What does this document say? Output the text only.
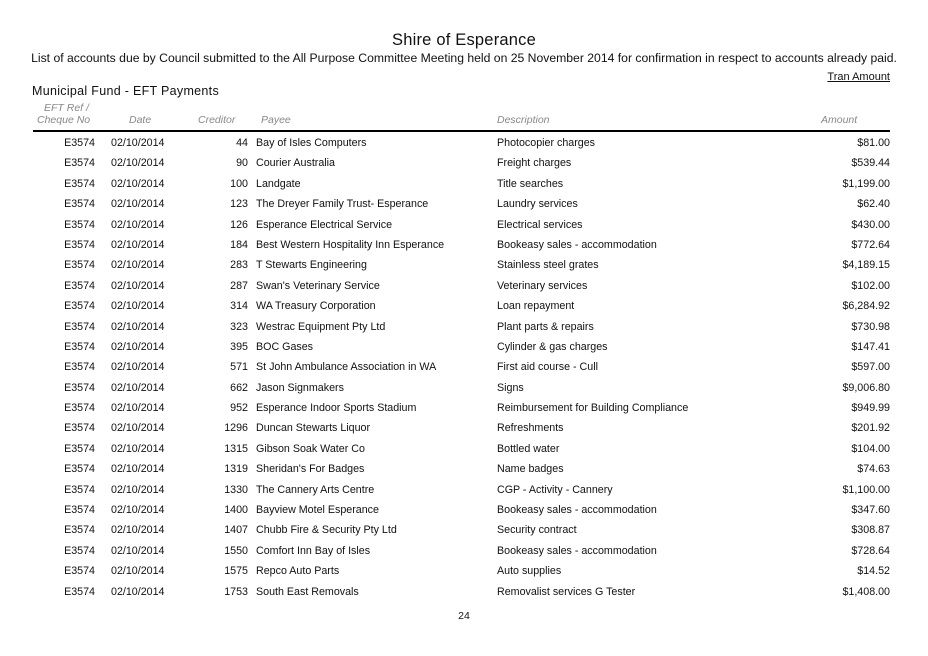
Shire of Esperance
List of accounts due by Council submitted to the All Purpose Committee Meeting held on 25 November 2014 for confirmation in respect to accounts already paid.
Tran Amount
Municipal Fund - EFT Payments
EFT Ref /
Cheque No	Date	Creditor Payee	Description	Amount
E3574 02/10/2014	44 Bay of Isles Computers	Photocopier charges	$81.00
E3574 02/10/2014	90 Courier Australia	Freight charges	$539.44
E3574 02/10/2014	100 Landgate	Title searches	$1,199.00
E3574 02/10/2014	123 The Dreyer Family Trust- Esperance	Laundry services	$62.40
E3574 02/10/2014	126 Esperance Electrical Service	Electrical services	$430.00
E3574 02/10/2014	184 Best Western Hospitality Inn Esperance	Bookeasy sales - accommodation	$772.64
E3574 02/10/2014	283 T Stewarts Engineering	Stainless steel grates	$4,189.15
E3574 02/10/2014	287 Swan's Veterinary Service	Veterinary services	$102.00
E3574 02/10/2014	314 WA Treasury Corporation	Loan repayment	$6,284.92
E3574 02/10/2014	323 Westrac Equipment Pty Ltd	Plant parts & repairs	$730.98
E3574 02/10/2014	395 BOC Gases	Cylinder & gas charges	$147.41
E3574 02/10/2014	571 St John Ambulance Association in WA	First aid course - Cull	$597.00
E3574 02/10/2014	662 Jason Signmakers	Signs	$9,006.80
E3574 02/10/2014	952 Esperance Indoor Sports Stadium	Reimbursement for Building Compliance	$949.99
E3574 02/10/2014	1296 Duncan Stewarts Liquor	Refreshments	$201.92
E3574 02/10/2014	1315 Gibson Soak Water Co	Bottled water	$104.00
E3574 02/10/2014	1319 Sheridan's For Badges	Name badges	$74.63
E3574 02/10/2014	1330 The Cannery Arts Centre	CGP - Activity - Cannery	$1,100.00
E3574 02/10/2014	1400 Bayview Motel Esperance	Bookeasy sales - accommodation	$347.60
E3574 02/10/2014	1407 Chubb Fire & Security Pty Ltd	Security contract	$308.87
E3574 02/10/2014	1550 Comfort Inn Bay of Isles	Bookeasy sales - accommodation	$728.64
E3574 02/10/2014	1575 Repco Auto Parts	Auto supplies	$14.52
E3574 02/10/2014	1753 South East Removals	Removalist services G Tester	$1,408.00
24
